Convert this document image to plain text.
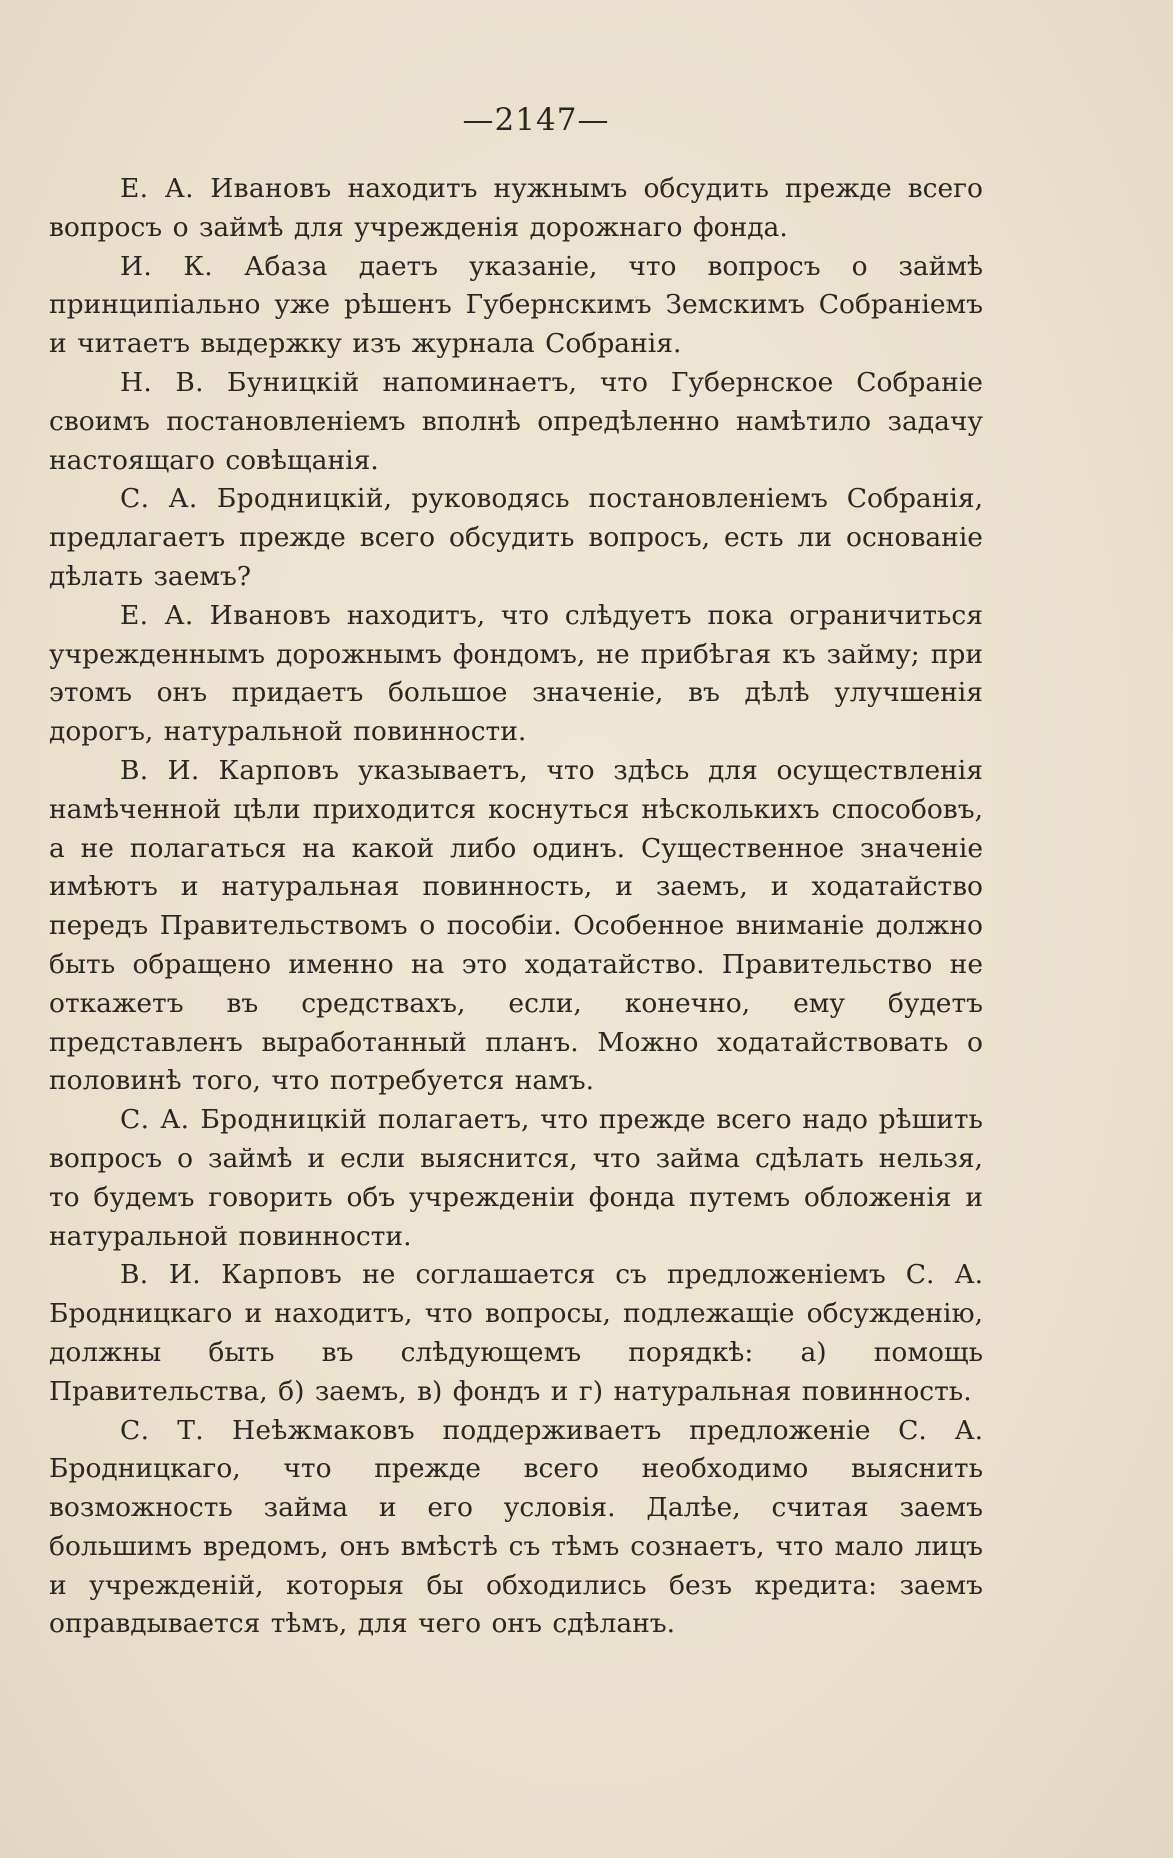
—2147—

Е. А. Ивановъ находитъ нужнымъ обсудить прежде всего вопросъ о займѣ для учрежденія дорожнаго фонда.

И. К. Абаза даетъ указаніе, что вопросъ о займѣ принципіально уже рѣшенъ Губернскимъ Земскимъ Собраніемъ и читаетъ выдержку изъ журнала Собранія.

Н. В. Буницкій напоминаетъ, что Губернское Собраніе своимъ постановленіемъ вполнѣ опредѣленно намѣтило задачу настоящаго совѣщанія.

С. А. Бродницкій, руководясь постановленіемъ Собранія, предлагаетъ прежде всего обсудить вопросъ, есть ли основаніе дѣлать заемъ?

Е. А. Ивановъ находитъ, что слѣдуетъ пока ограничиться учрежденнымъ дорожнымъ фондомъ, не прибѣгая къ займу; при этомъ онъ придаетъ большое значеніе, въ дѣлѣ улучшенія дорогъ, натуральной повинности.

В. И. Карповъ указываетъ, что здѣсь для осуществленія намѣченной цѣли приходится коснуться нѣсколькихъ способовъ, а не полагаться на какой либо одинъ. Существенное значеніе имѣютъ и натуральная повинность, и заемъ, и ходатайство передъ Правительствомъ о пособіи. Особенное вниманіе должно быть обращено именно на это ходатайство. Правительство не откажетъ въ средствахъ, если, конечно, ему будетъ представленъ выработанный планъ. Можно ходатайствовать о половинѣ того, что потребуется намъ.

С. А. Бродницкій полагаетъ, что прежде всего надо рѣшить вопросъ о займѣ и если выяснится, что займа сдѣлать нельзя, то будемъ говорить объ учрежденіи фонда путемъ обложенія и натуральной повинности.

В. И. Карповъ не соглашается съ предложеніемъ С. А. Бродницкаго и находитъ, что вопросы, подлежащіе обсужденію, должны быть въ слѣдующемъ порядкѣ: а) помощь Правительства, б) заемъ, в) фондъ и г) натуральная повинность.

С. Т. Неѣжмаковъ поддерживаетъ предложеніе С. А. Бродницкаго, что прежде всего необходимо выяснить возможность займа и его условія. Далѣе, считая заемъ большимъ вредомъ, онъ вмѣстѣ съ тѣмъ сознаетъ, что мало лицъ и учрежденій, которыя бы обходились безъ кредита: заемъ оправдывается тѣмъ, для чего онъ сдѣланъ.
